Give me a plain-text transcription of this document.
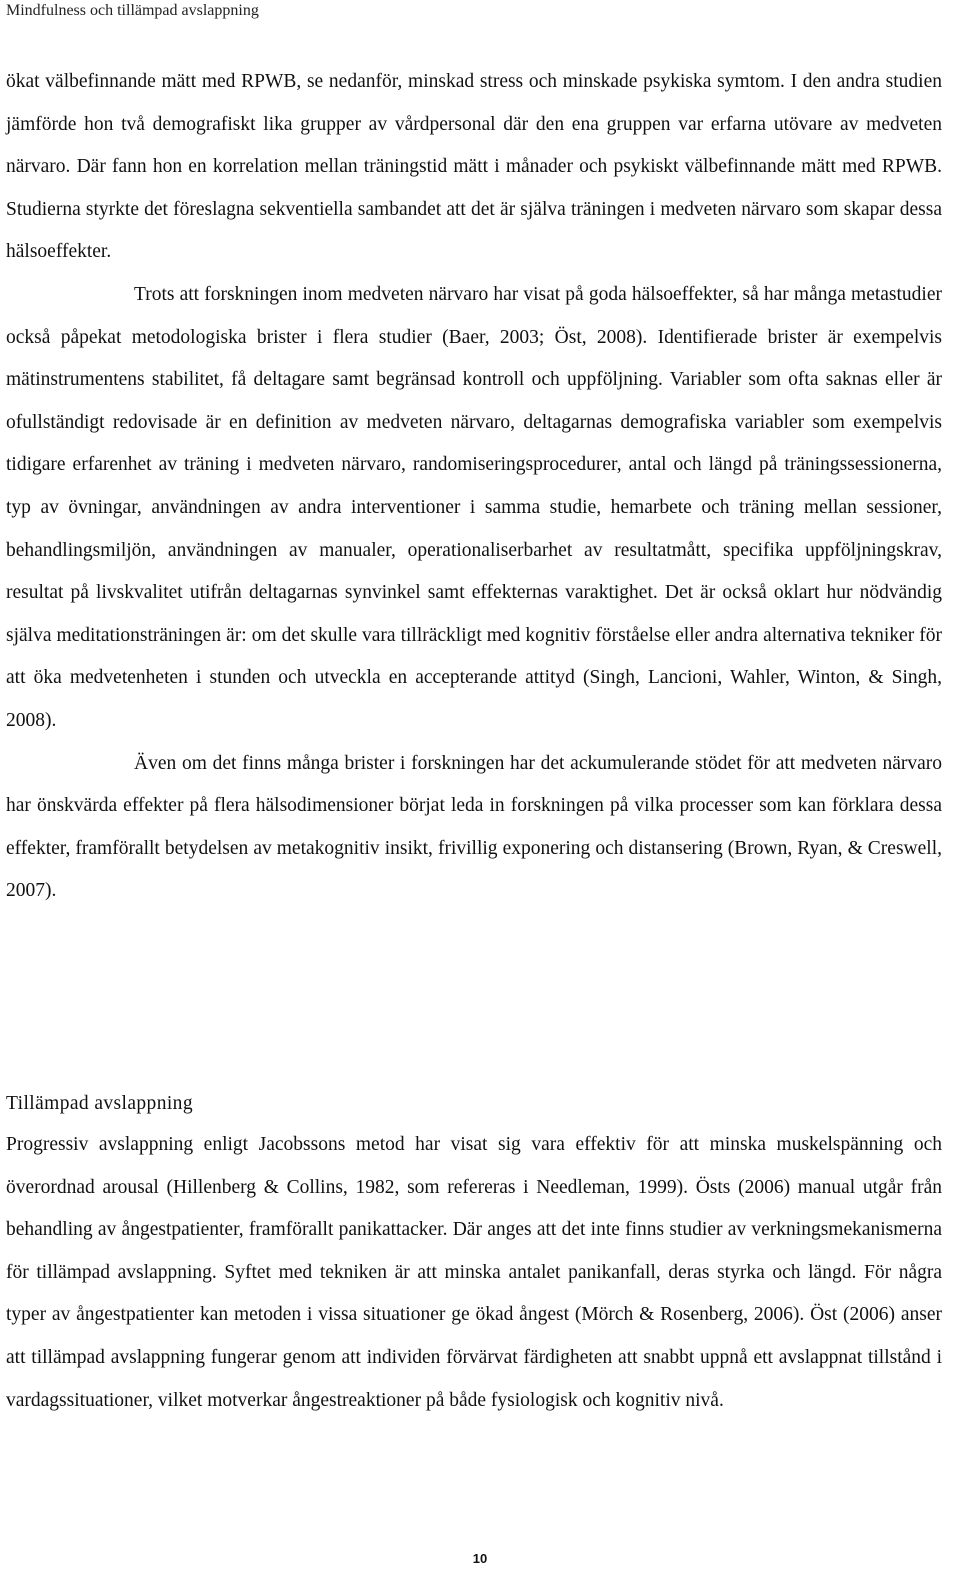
Mindfulness och tillämpad avslappning

ökat välbefinnande mätt med RPWB, se nedanför, minskad stress och minskade psykiska symtom. I den andra studien jämförde hon två demografiskt lika grupper av vårdpersonal där den ena gruppen var erfarna utövare av medveten närvaro. Där fann hon en korrelation mellan träningstid mätt i månader och psykiskt välbefinnande mätt med RPWB. Studierna styrkte det föreslagna sekventiella sambandet att det är själva träningen i medveten närvaro som skapar dessa hälsoeffekter.

Trots att forskningen inom medveten närvaro har visat på goda hälsoeffekter, så har många metastudier också påpekat metodologiska brister i flera studier (Baer, 2003; Öst, 2008). Identifierade brister är exempelvis mätinstrumentens stabilitet, få deltagare samt begränsad kontroll och uppföljning. Variabler som ofta saknas eller är ofullständigt redovisade är en definition av medveten närvaro, deltagarnas demografiska variabler som exempelvis tidigare erfarenhet av träning i medveten närvaro, randomiseringsprocedurer, antal och längd på träningssessionerna, typ av övningar, användningen av andra interventioner i samma studie, hemarbete och träning mellan sessioner, behandlingsmiljön, användningen av manualer, operationaliserbarhet av resultatmått, specifika uppföljningskrav, resultat på livskvalitet utifrån deltagarnas synvinkel samt effekternas varaktighet. Det är också oklart hur nödvändig själva meditationsträningen är: om det skulle vara tillräckligt med kognitiv förståelse eller andra alternativa tekniker för att öka medvetenheten i stunden och utveckla en accepterande attityd (Singh, Lancioni, Wahler, Winton, & Singh, 2008).

Även om det finns många brister i forskningen har det ackumulerande stödet för att medveten närvaro har önskvärda effekter på flera hälsodimensioner börjat leda in forskningen på vilka processer som kan förklara dessa effekter, framförallt betydelsen av metakognitiv insikt, frivillig exponering och distansering (Brown, Ryan, & Creswell, 2007).

Tillämpad avslappning

Progressiv avslappning enligt Jacobssons metod har visat sig vara effektiv för att minska muskelspänning och överordnad arousal (Hillenberg & Collins, 1982, som refereras i Needleman, 1999). Östs (2006) manual utgår från behandling av ångestpatienter, framförallt panikattacker. Där anges att det inte finns studier av verkningsmekanismerna för tillämpad avslappning. Syftet med tekniken är att minska antalet panikanfall, deras styrka och längd. För några typer av ångestpatienter kan metoden i vissa situationer ge ökad ångest (Mörch & Rosenberg, 2006). Öst (2006) anser att tillämpad avslappning fungerar genom att individen förvärvat färdigheten att snabbt uppnå ett avslappnat tillstånd i vardagssituationer, vilket motverkar ångestreaktioner på både fysiologisk och kognitiv nivå.

10
